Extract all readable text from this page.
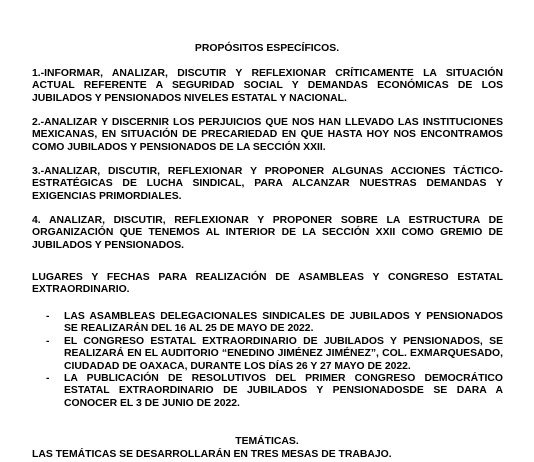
PROPÓSITOS ESPECÍFICOS.
1.-INFORMAR, ANALIZAR, DISCUTIR Y REFLEXIONAR CRÍTICAMENTE LA SITUACIÓN ACTUAL REFERENTE A SEGURIDAD SOCIAL Y DEMANDAS ECONÓMICAS DE LOS JUBILADOS Y PENSIONADOS NIVELES ESTATAL Y NACIONAL.
2.-ANALIZAR Y DISCERNIR LOS PERJUICIOS QUE NOS HAN LLEVADO LAS INSTITUCIONES MEXICANAS, EN SITUACIÓN DE PRECARIEDAD EN QUE HASTA HOY NOS ENCONTRAMOS COMO JUBILADOS Y PENSIONADOS DE LA SECCIÓN XXII.
3.-ANALIZAR, DISCUTIR, REFLEXIONAR Y PROPONER ALGUNAS ACCIONES TÁCTICO-ESTRATÉGICAS DE LUCHA SINDICAL, PARA ALCANZAR NUESTRAS DEMANDAS Y EXIGENCIAS PRIMORDIALES.
4. ANALIZAR, DISCUTIR, REFLEXIONAR Y PROPONER SOBRE LA ESTRUCTURA DE ORGANIZACIÓN QUE TENEMOS AL INTERIOR DE LA SECCIÓN XXII COMO GREMIO DE JUBILADOS Y PENSIONADOS.
LUGARES Y FECHAS PARA REALIZACIÓN DE ASAMBLEAS Y CONGRESO ESTATAL EXTRAORDINARIO.
- LAS ASAMBLEAS DELEGACIONALES SINDICALES DE JUBILADOS Y PENSIONADOS SE REALIZARÁN DEL 16 AL 25 DE MAYO DE 2022.
- EL CONGRESO ESTATAL EXTRAORDINARIO DE JUBILADOS Y PENSIONADOS, SE REALIZARÁ EN EL AUDITORIO “ENEDINO JIMÉNEZ JIMÉNEZ”, COL. EXMARQUESADO, CIUDADAD DE OAXACA, DURANTE LOS DÍAS 26 Y 27 MAYO DE 2022.
- LA PUBLICACIÓN DE RESOLUTIVOS DEL PRIMER CONGRESO DEMOCRÁTICO ESTATAL EXTRAORDINARIO DE JUBILADOS Y PENSIONADOSDE SE DARA A CONOCER EL 3 DE JUNIO DE 2022.
TEMÁTICAS.
LAS TEMÁTICAS SE DESARROLLARÁN EN TRES MESAS DE TRABAJO.
